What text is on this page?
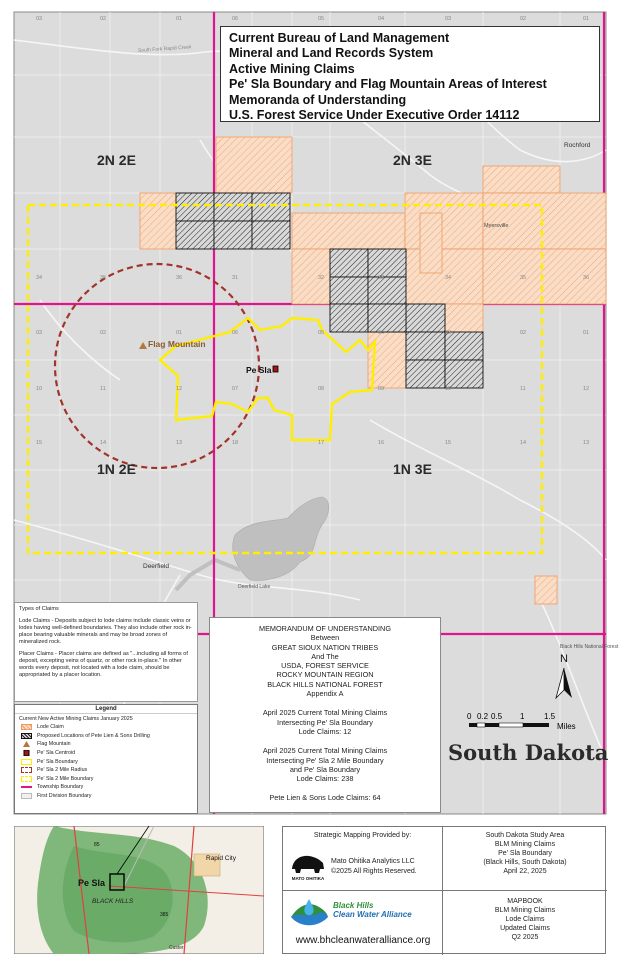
South Fork Rapid Creek
2N 2E	2N 3E
1N 2E	1N 3E
Flag Mountain
Pe Sla
Rochford
Myersville
Deerfield
Deerfield Lake
Black Hills National Forest
03	02	01	06	05	04	03	02	01
34	35	36	31	32	33	34	35	36
03	02	01	06	05	04	03	02	01
10	11	12	07	08	09	10	11	12
15	14	13	18	17	16	15	14	13
Current Bureau of Land Management
Mineral and Land Records System
Active Mining Claims
Pe' Sla Boundary and Flag Mountain Areas of Interest
Memoranda of Understanding
U.S. Forest Service Under Executive Order 14112

Types of Claims

Lode Claims - Deposits subject to lode claims include classic veins or lodes having well-defined boundaries. They also include other rock in-place bearing valuable minerals and may be broad zones of mineralized rock.

Placer Claims - Placer claims are defined as "...including all forms of deposit, excepting veins of quartz, or other rock in-place." In other words every deposit, not located with a lode claim, should be appropriated by a placer location.

Legend
Current New Active Mining Claims January 2025
Lode Claim
Proposed Locations of Pete Lien & Sons Drilling
Flag Mountain
Pe' Sla Centroid
Pe' Sla Boundary
Pe' Sla 2 Mile Radius
Pe' Sla 2 Mile Boundary
Township Boundary
First Division Boundary
MEMORANDUM OF UNDERSTANDING
Between
GREAT SIOUX NATION TRIBES
And The
USDA, FOREST SERVICE
ROCKY MOUNTAIN REGION
BLACK HILLS NATIONAL FOREST
Appendix A
April 2025 Current Total Mining Claims
Intersecting Pe' Sla Boundary
Lode Claims: 12
April 2025 Current Total Mining Claims
Intersecting Pe' Sla 2 Mile Boundary
and Pe' Sla Boundary
Lode Claims: 238
Pete Lien & Sons Lode Claims: 64
N
0 0.2 0.5 1 1.5
Miles
South Dakota
Pe Sla
BLACK HILLS
Rapid City
85
385
Custer
Strategic Mapping Provided by:
MATO OHITIKA
Mato Ohitika Analytics LLC
©2025 All Rights Reserved.
South Dakota Study Area
BLM Mining Claims
Pe' Sla Boundary
(Black Hills, South Dakota)
April 22, 2025
Black Hills
Clean Water Alliance
www.bhcleanwateralliance.org
MAPBOOK
BLM Mining Claims
Lode Claims
Updated Claims
Q2 2025
